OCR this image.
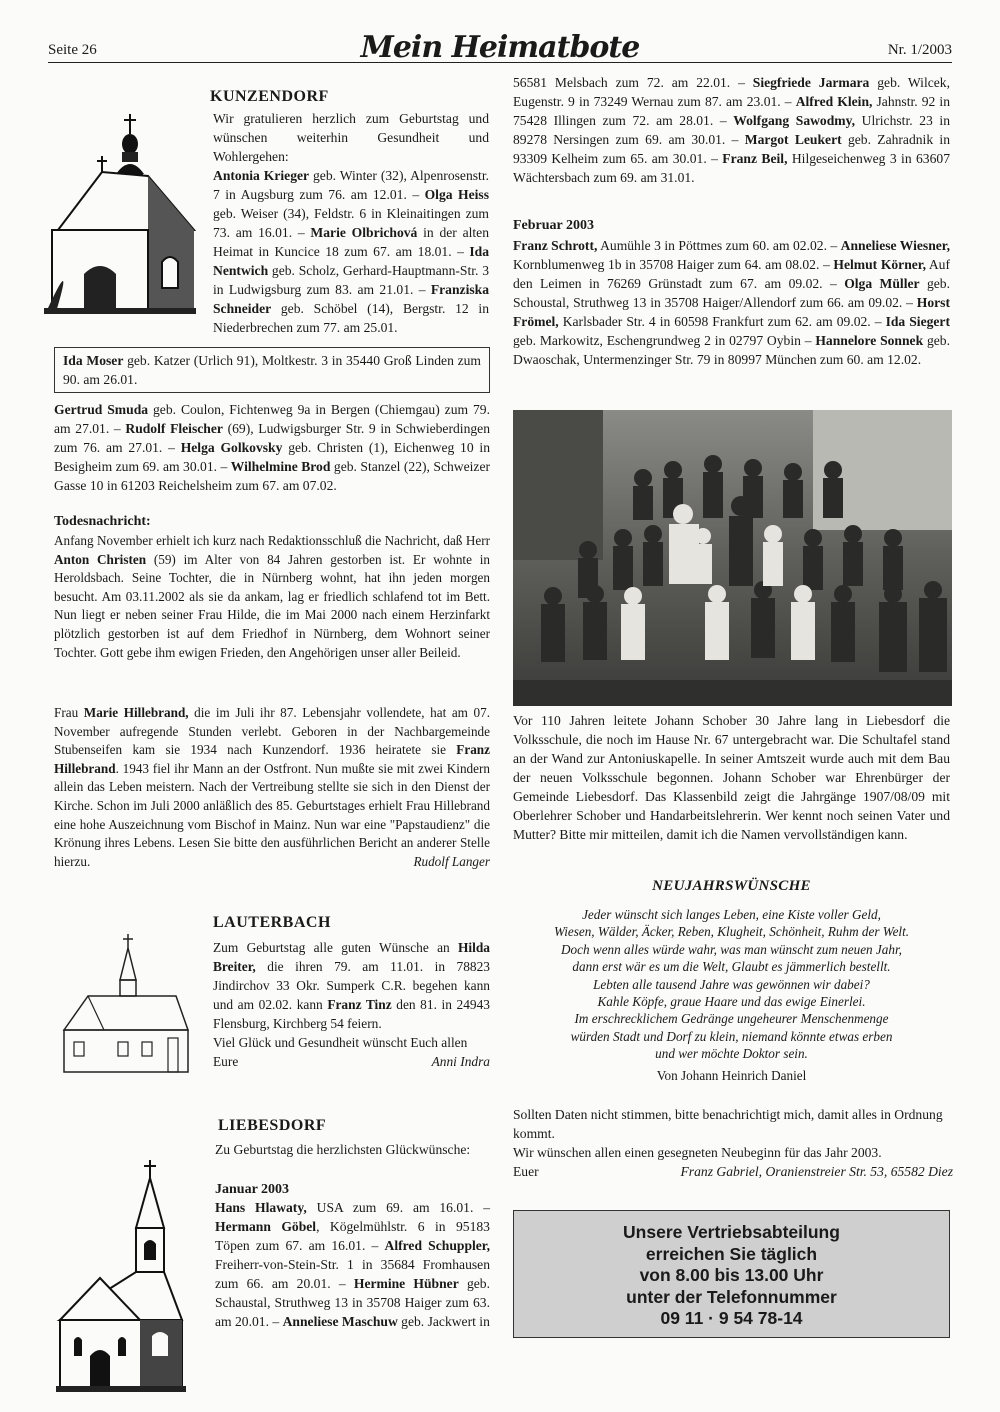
Seite 26	Mein Heimatbote	Nr. 1/2003
KUNZENDORF

Wir gratulieren herzlich zum Geburtstag und wünschen weiterhin Gesundheit und Wohlergehen:

Antonia Krieger geb. Winter (32), Alpenrosenstr. 7 in Augsburg zum 76. am 12.01. – Olga Heiss geb. Weiser (34), Feldstr. 6 in Kleinaitingen zum 73. am 16.01. – Marie Olbrichová in der alten Heimat in Kuncice 18 zum 67. am 18.01. – Ida Nentwich geb. Scholz, Gerhard-Hauptmann-Str. 3 in Ludwigsburg zum 83. am 21.01. – Franziska Schneider geb. Schöbel (14), Bergstr. 12 in Niederbrechen zum 77. am 25.01.

Ida Moser geb. Katzer (Urlich 91), Moltkestr. 3 in 35440 Groß Linden zum 90. am 26.01.
Gertrud Smuda geb. Coulon, Fichtenweg 9a in Bergen (Chiemgau) zum 79. am 27.01. – Rudolf Fleischer (69), Ludwigsburger Str. 9 in Schwieberdingen zum 76. am 27.01. – Helga Golkovsky geb. Christen (1), Eichenweg 10 in Besigheim zum 69. am 30.01. – Wilhelmine Brod geb. Stanzel (22), Schweizer Gasse 10 in 61203 Reichelsheim zum 67. am 07.02.
Todesnachricht:
Anfang November erhielt ich kurz nach Redaktionsschluß die Nachricht, daß Herr Anton Christen (59) im Alter von 84 Jahren gestorben ist. Er wohnte in Heroldsbach. Seine Tochter, die in Nürnberg wohnt, hat ihn jeden morgen besucht. Am 03.11.2002 als sie da ankam, lag er friedlich schlafend tot im Bett. Nun liegt er neben seiner Frau Hilde, die im Mai 2000 nach einem Herzinfarkt plötzlich gestorben ist auf dem Friedhof in Nürnberg, dem Wohnort seiner Tochter. Gott gebe ihm ewigen Frieden, den Angehörigen unser aller Beileid.
Frau Marie Hillebrand, die im Juli ihr 87. Lebensjahr vollendete, hat am 07. November aufregende Stunden verlebt. Geboren in der Nachbargemeinde Stubenseifen kam sie 1934 nach Kunzendorf. 1936 heiratete sie Franz Hillebrand. 1943 fiel ihr Mann an der Ostfront. Nun mußte sie mit zwei Kindern allein das Leben meistern. Nach der Vertreibung stellte sie sich in den Dienst der Kirche. Schon im Juli 2000 anläßlich des 85. Geburtstages erhielt Frau Hillebrand eine hohe Auszeichnung vom Bischof in Mainz. Nun war eine "Papstaudienz" die Krönung ihres Lebens. Lesen Sie bitte den ausführlichen Bericht an anderer Stelle hierzu.	Rudolf Langer
LAUTERBACH
Zum Geburtstag alle guten Wünsche an Hilda Breiter, die ihren 79. am 11.01. in 78823 Jindirchov 33 Okr. Sumperk C.R. begehen kann und am 02.02. kann Franz Tinz den 81. in 24943 Flensburg, Kirchberg 54 feiern.

Viel Glück und Gesundheit wünscht Euch allen Eure	Anni Indra

LIEBESDORF
Zu Geburtstag die herzlichsten Glückwünsche:
Januar 2003
Hans Hlawaty, USA zum 69. am 16.01. – Hermann Göbel, Kögelmühlstr. 6 in 95183 Töpen zum 67. am 16.01. – Alfred Schuppler, Freiherr-von-Stein-Str. 1 in 35684 Fromhausen zum 66. am 20.01. – Hermine Hübner geb. Schaustal, Struthweg 13 in 35708 Haiger zum 63. am 20.01. – Anneliese Maschuw geb. Jackwert in
56581 Melsbach zum 72. am 22.01. – Siegfriede Jarmara geb. Wilcek, Eugenstr. 9 in 73249 Wernau zum 87. am 23.01. – Alfred Klein, Jahnstr. 92 in 75428 Illingen zum 72. am 28.01. – Wolfgang Sawodmy, Ulrichstr. 23 in 89278 Nersingen zum 69. am 30.01. – Margot Leukert geb. Zahradnik in 93309 Kelheim zum 65. am 30.01. – Franz Beil, Hilgeseichenweg 3 in 63607 Wächtersbach zum 69. am 31.01.
Februar 2003
Franz Schrott, Aumühle 3 in Pöttmes zum 60. am 02.02. – Anneliese Wiesner, Kornblumenweg 1b in 35708 Haiger zum 64. am 08.02. – Helmut Körner, Auf den Leimen in 76269 Grünstadt zum 67. am 09.02. – Olga Müller geb. Schoustal, Struthweg 13 in 35708 Haiger/Allendorf zum 66. am 09.02. – Horst Frömel, Karlsbader Str. 4 in 60598 Frankfurt zum 62. am 09.02. – Ida Siegert geb. Markowitz, Eschengrundweg 2 in 02797 Oybin – Hannelore Sonnek geb. Dwaoschak, Untermenzinger Str. 79 in 80997 München zum 60. am 12.02.
Vor 110 Jahren leitete Johann Schober 30 Jahre lang in Liebesdorf die Volksschule, die noch im Hause Nr. 67 untergebracht war. Die Schultafel stand an der Wand zur Antoniuskapelle. In seiner Amtszeit wurde auch mit dem Bau der neuen Volksschule begonnen. Johann Schober war Ehrenbürger der Gemeinde Liebesdorf. Das Klassenbild zeigt die Jahrgänge 1907/08/09 mit Oberlehrer Schober und Handarbeitslehrerin. Wer kennt noch seinen Vater und Mutter? Bitte mir mitteilen, damit ich die Namen vervollständigen kann.
NEUJAHRSWÜNSCHE
Jeder wünscht sich langes Leben, eine Kiste voller Geld,
Wiesen, Wälder, Äcker, Reben, Klugheit, Schönheit, Ruhm der Welt.
Doch wenn alles würde wahr, was man wünscht zum neuen Jahr,
dann erst wär es um die Welt, Glaubt es jämmerlich bestellt.
Lebten alle tausend Jahre was gewönnen wir dabei?
Kahle Köpfe, graue Haare und das ewige Einerlei.
Im erschrecklichem Gedränge ungeheurer Menschenmenge
würden Stadt und Dorf zu klein, niemand könnte etwas erben
und wer möchte Doktor sein.
Von Johann Heinrich Daniel

Sollten Daten nicht stimmen, bitte benachrichtigt mich, damit alles in Ordnung kommt.

Wir wünschen allen einen gesegneten Neubeginn für das Jahr 2003.

Euer	Franz Gabriel, Oranienstreier Str. 53, 65582 Diez

Unsere Vertriebsabteilung
erreichen Sie täglich
von 8.00 bis 13.00 Uhr
unter der Telefonnummer
09 11 · 9 54 78-14
